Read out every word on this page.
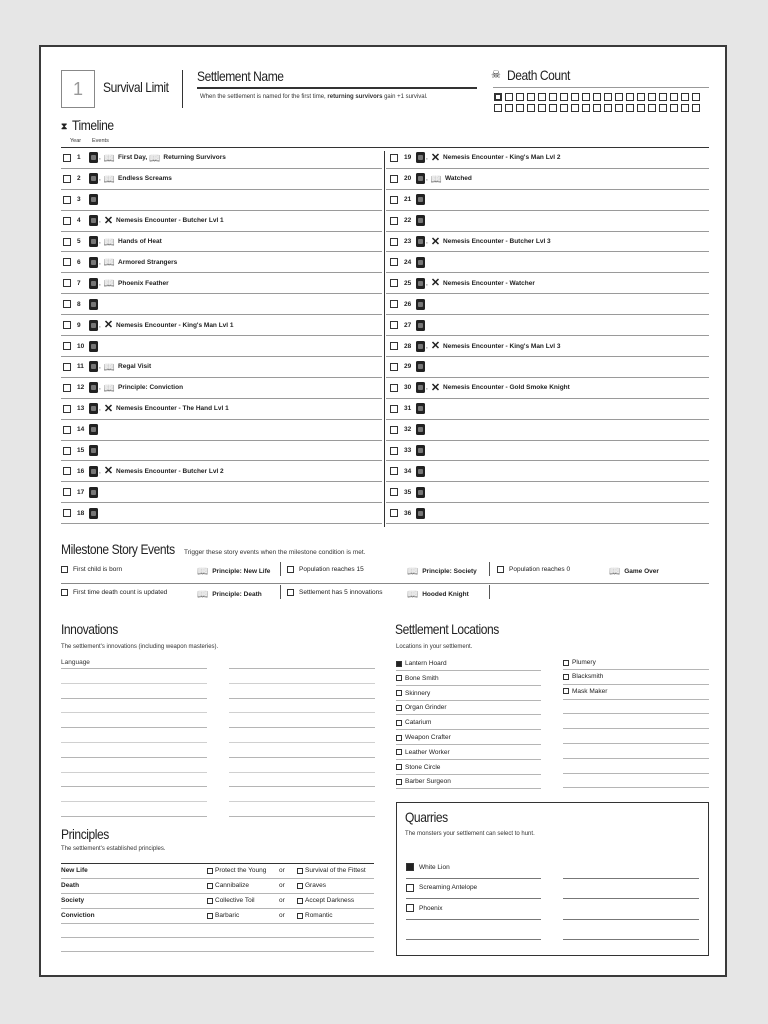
1 Survival Limit
Settlement Name
When the settlement is named for the first time, returning survivors gain +1 survival.
☠ Death Count
⧗ Timeline
Year Events
1	, 📖 First Day, 📖 Returning Survivors
2	, 📖 Endless Screams
3
4	, ✕ Nemesis Encounter - Butcher Lvl 1
5	, 📖 Hands of Heat
6	, 📖 Armored Strangers
7	, 📖 Phoenix Feather
8
9	, ✕ Nemesis Encounter - King's Man Lvl 1
10
11	, 📖 Regal Visit
12	, 📖 Principle: Conviction
13	, ✕ Nemesis Encounter - The Hand Lvl 1
14
15
16	, ✕ Nemesis Encounter - Butcher Lvl 2
17
18
19	, ✕ Nemesis Encounter - King's Man Lvl 2
20	, 📖 Watched
21
22
23	, ✕ Nemesis Encounter - Butcher Lvl 3
24
25	, ✕ Nemesis Encounter - Watcher
26
27
28	, ✕ Nemesis Encounter - King's Man Lvl 3
29
30	, ✕ Nemesis Encounter - Gold Smoke Knight
31
32
33
34
35
36
Milestone Story Events Trigger these story events when the milestone condition is met.
First child is born	📖 Principle: New Life	Population reaches 15	📖 Principle: Society	Population reaches 0	📖 Game Over
First time death count is updated	📖 Principle: Death	Settlement has 5 innovations	📖 Hooded Knight
Innovations
The settlement's innovations (including weapon masteries).
Language
Settlement Locations
Locations in your settlement.
Lantern Hoard
Bone Smith
Skinnery
Organ Grinder
Catarium
Weapon Crafter
Leather Worker
Stone Circle
Barber Surgeon
Plumery
Blacksmith
Mask Maker
Principles
The settlement's established principles.
New Life	Protect the Young or	Survival of the Fittest
Death	Cannibalize	or	Graves
Society	Collective Toil	or	Accept Darkness
Conviction	Barbaric	or	Romantic
Quarries
The monsters your settlement can select to hunt.
White Lion
Screaming Antelope
Phoenix
